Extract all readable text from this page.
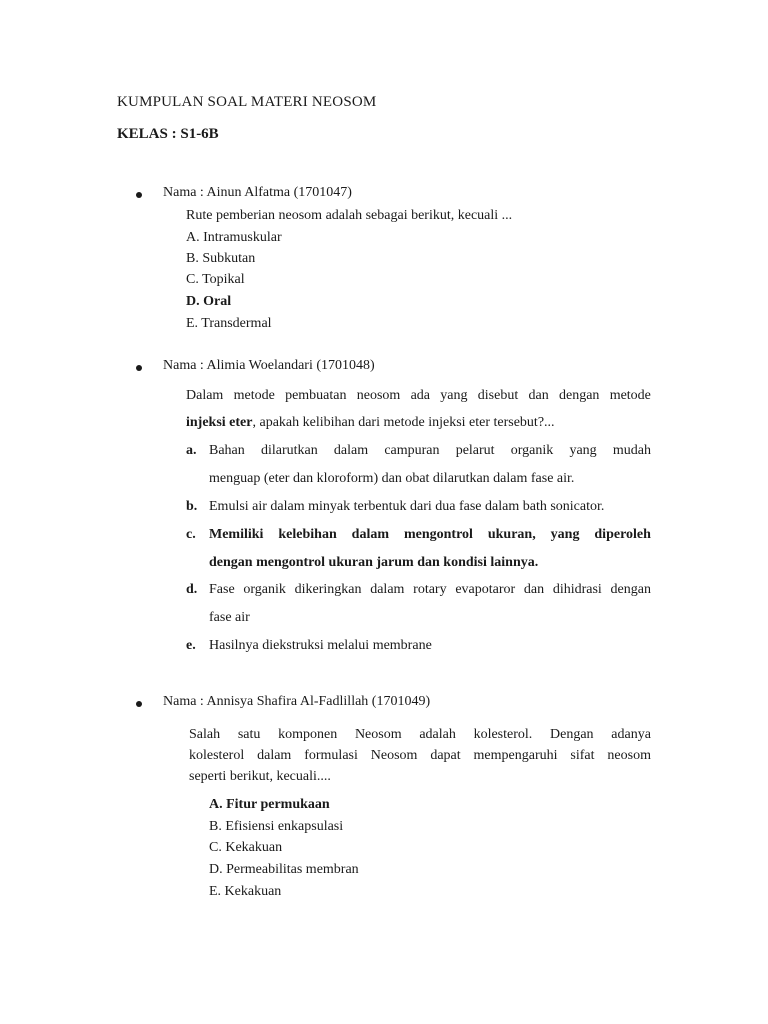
KUMPULAN SOAL MATERI NEOSOM
KELAS : S1-6B
Nama : Ainun Alfatma (1701047)
Rute pemberian neosom adalah sebagai berikut, kecuali ...
A. Intramuskular
B. Subkutan
C. Topikal
D. Oral
E. Transdermal
Nama : Alimia Woelandari (1701048)
Dalam metode pembuatan neosom ada yang disebut dan dengan metode
injeksi eter, apakah kelibihan dari metode injeksi eter tersebut?...
a. Bahan dilarutkan dalam campuran pelarut organik yang mudah
menguap (eter dan kloroform) dan obat dilarutkan dalam fase air.
b. Emulsi air dalam minyak terbentuk dari dua fase dalam bath sonicator.
c. Memiliki kelebihan dalam mengontrol ukuran, yang diperoleh
dengan mengontrol ukuran jarum dan kondisi lainnya.
d. Fase organik dikeringkan dalam rotary evapotaror dan dihidrasi dengan
fase air
e. Hasilnya diekstruksi melalui membrane
Nama : Annisya Shafira Al-Fadlillah (1701049)
Salah satu komponen Neosom adalah kolesterol. Dengan adanya
kolesterol dalam formulasi Neosom dapat mempengaruhi sifat neosom
seperti berikut, kecuali....
A. Fitur permukaan
B. Efisiensi enkapsulasi
C. Kekakuan
D. Permeabilitas membran
E. Kekakuan
